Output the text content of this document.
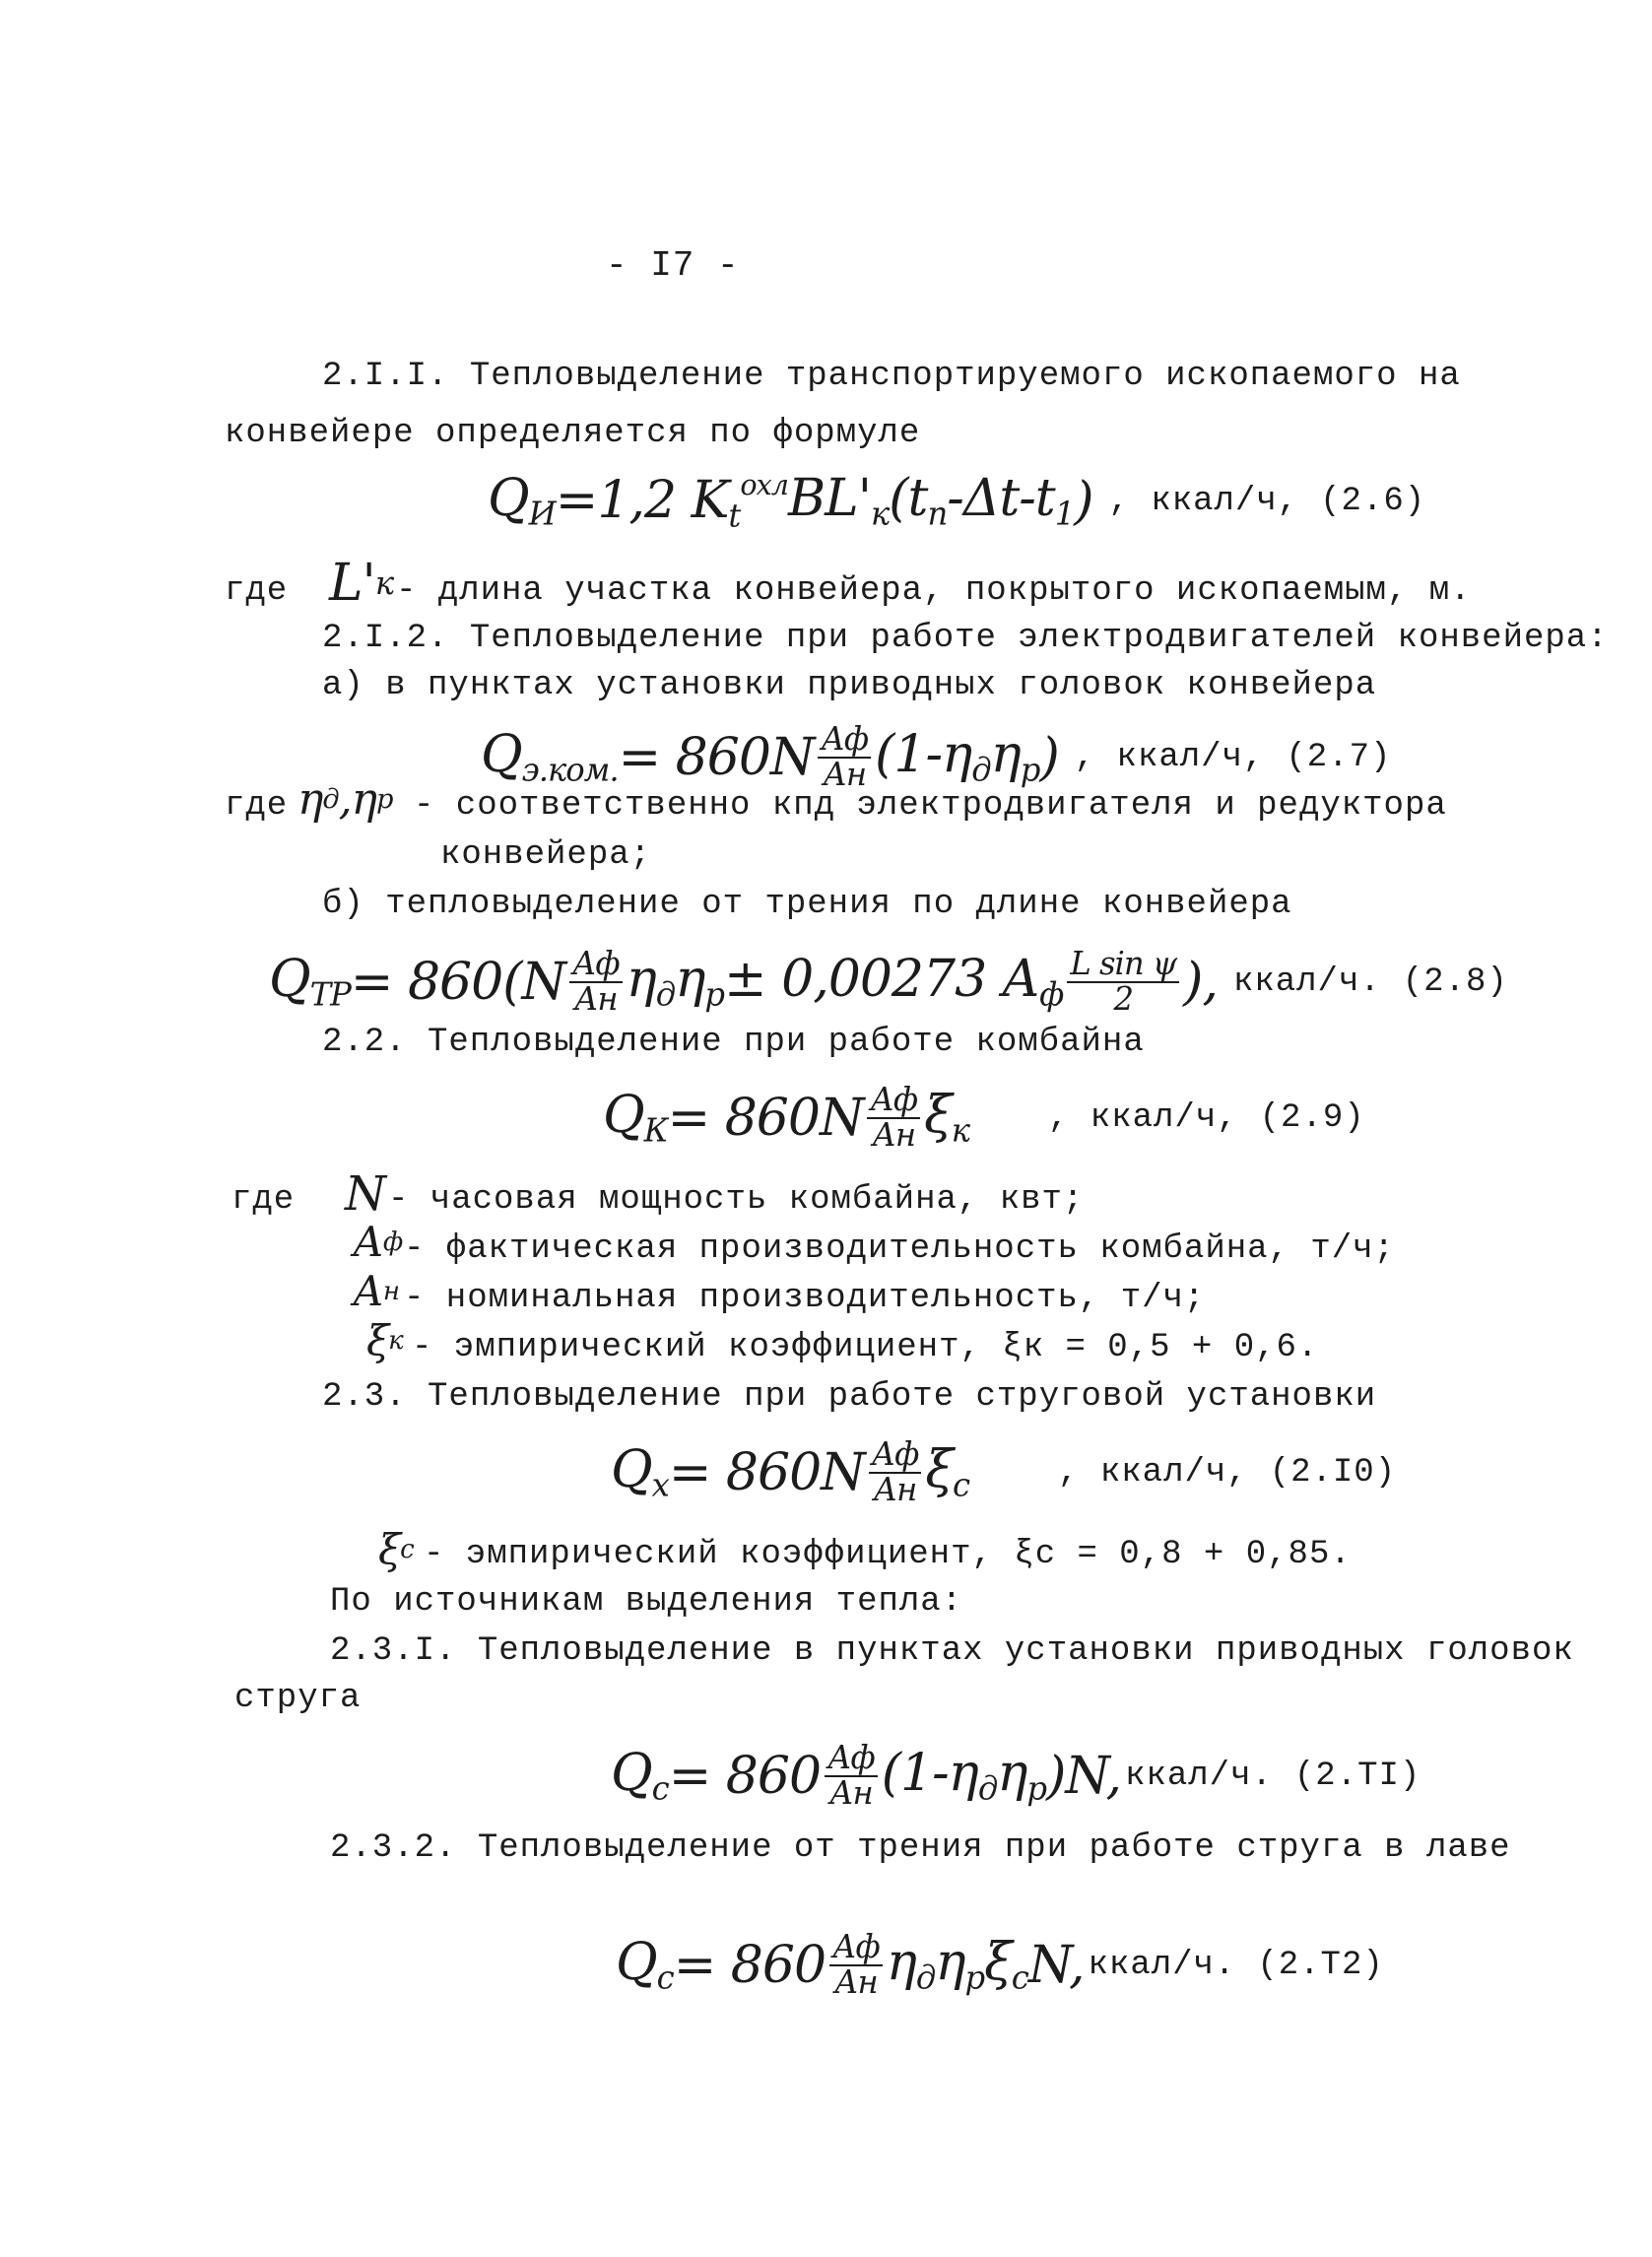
- I7 -
2.I.I. Тепловыделение транспортируемого ископаемого на
конвейере определяется по формуле
$Q_И =1,2$ $K_t^{охл}$ $BL'_к$ ($t_n$ $-\Delta t-t_1$ ) , ккал/ч, (2.6)
где L' к - длина участка конвейера, покрытого ископаемым, м.
2.I.2. Тепловыделение при работе электродвигателей конвейера:
а) в пунктах установки приводных головок конвейера
$Q_{э.ком.} = 860N \frac{Аф}{Ан} (1-\eta_д$ $\eta_р$ ) , ккал/ч, (2.7)
где η д ,η р - соответственно кпд электродвигателя и редуктора
конвейера;
б) тепловыделение от трения по длине конвейера
$Q_{ТР} = 860(N \frac{Аф}{Ан} \eta_д$ $\eta_р \pm 0,00273$ $А_ф \frac{\text{L sin ψ}}{2}$ ), ккал/ч. (2.8)
2.2. Тепловыделение при работе комбайна
$Q_К = 860N \frac{Аф}{Ан} \xi_к$ , ккал/ч, (2.9)
где N - часовая мощность комбайна, квт;
А ф - фактическая производительность комбайна, т/ч;
А н - номинальная производительность, т/ч;
ξ к - эмпирический коэффициент, ξк = 0,5 + 0,6.
2.3. Тепловыделение при работе струговой установки
$Q_х = 860N \frac{Аф}{Ан} \xi_с$	, ккал/ч, (2.I0)
ξ с - эмпирический коэффициент, ξс = 0,8 + 0,85.
По источникам выделения тепла:
2.3.I. Тепловыделение в пунктах установки приводных головок
струга
$Q_с = 860 \frac{Аф}{Ан} (1-\eta_д$ $\eta_р$ )N, ккал/ч. (2.TI)
2.3.2. Тепловыделение от трения при работе струга в лаве
$Q_с = 860 \frac{Аф}{Ан} \eta_д$ $\eta_р$ $\xi_с$ N, ккал/ч. (2.T2)
